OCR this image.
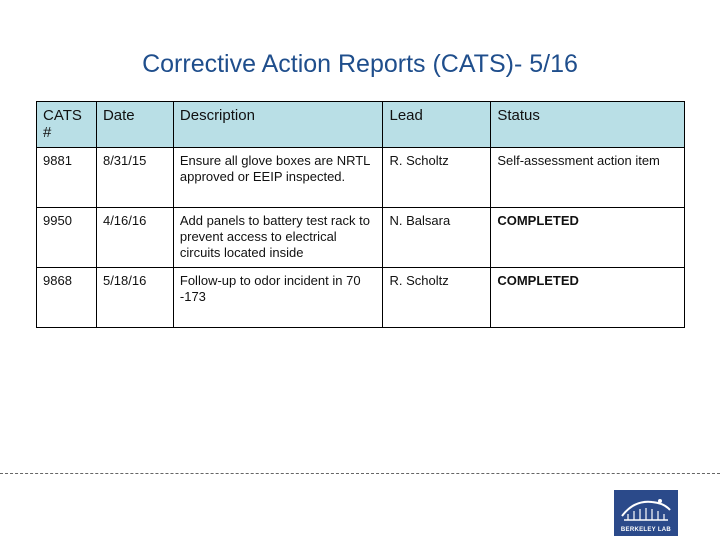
Corrective Action Reports (CATS)- 5/16
CATS #	Date	Description	Lead	Status
9881	8/31/15	Ensure all glove boxes are NRTL approved or EEIP inspected.	R. Scholtz	Self-assessment action item
9950	4/16/16	Add panels to battery test rack to prevent access to electrical circuits located inside	N. Balsara	COMPLETED
9868	5/18/16	Follow-up to odor incident in 70 -173	R. Scholtz	COMPLETED
BERKELEY LAB
